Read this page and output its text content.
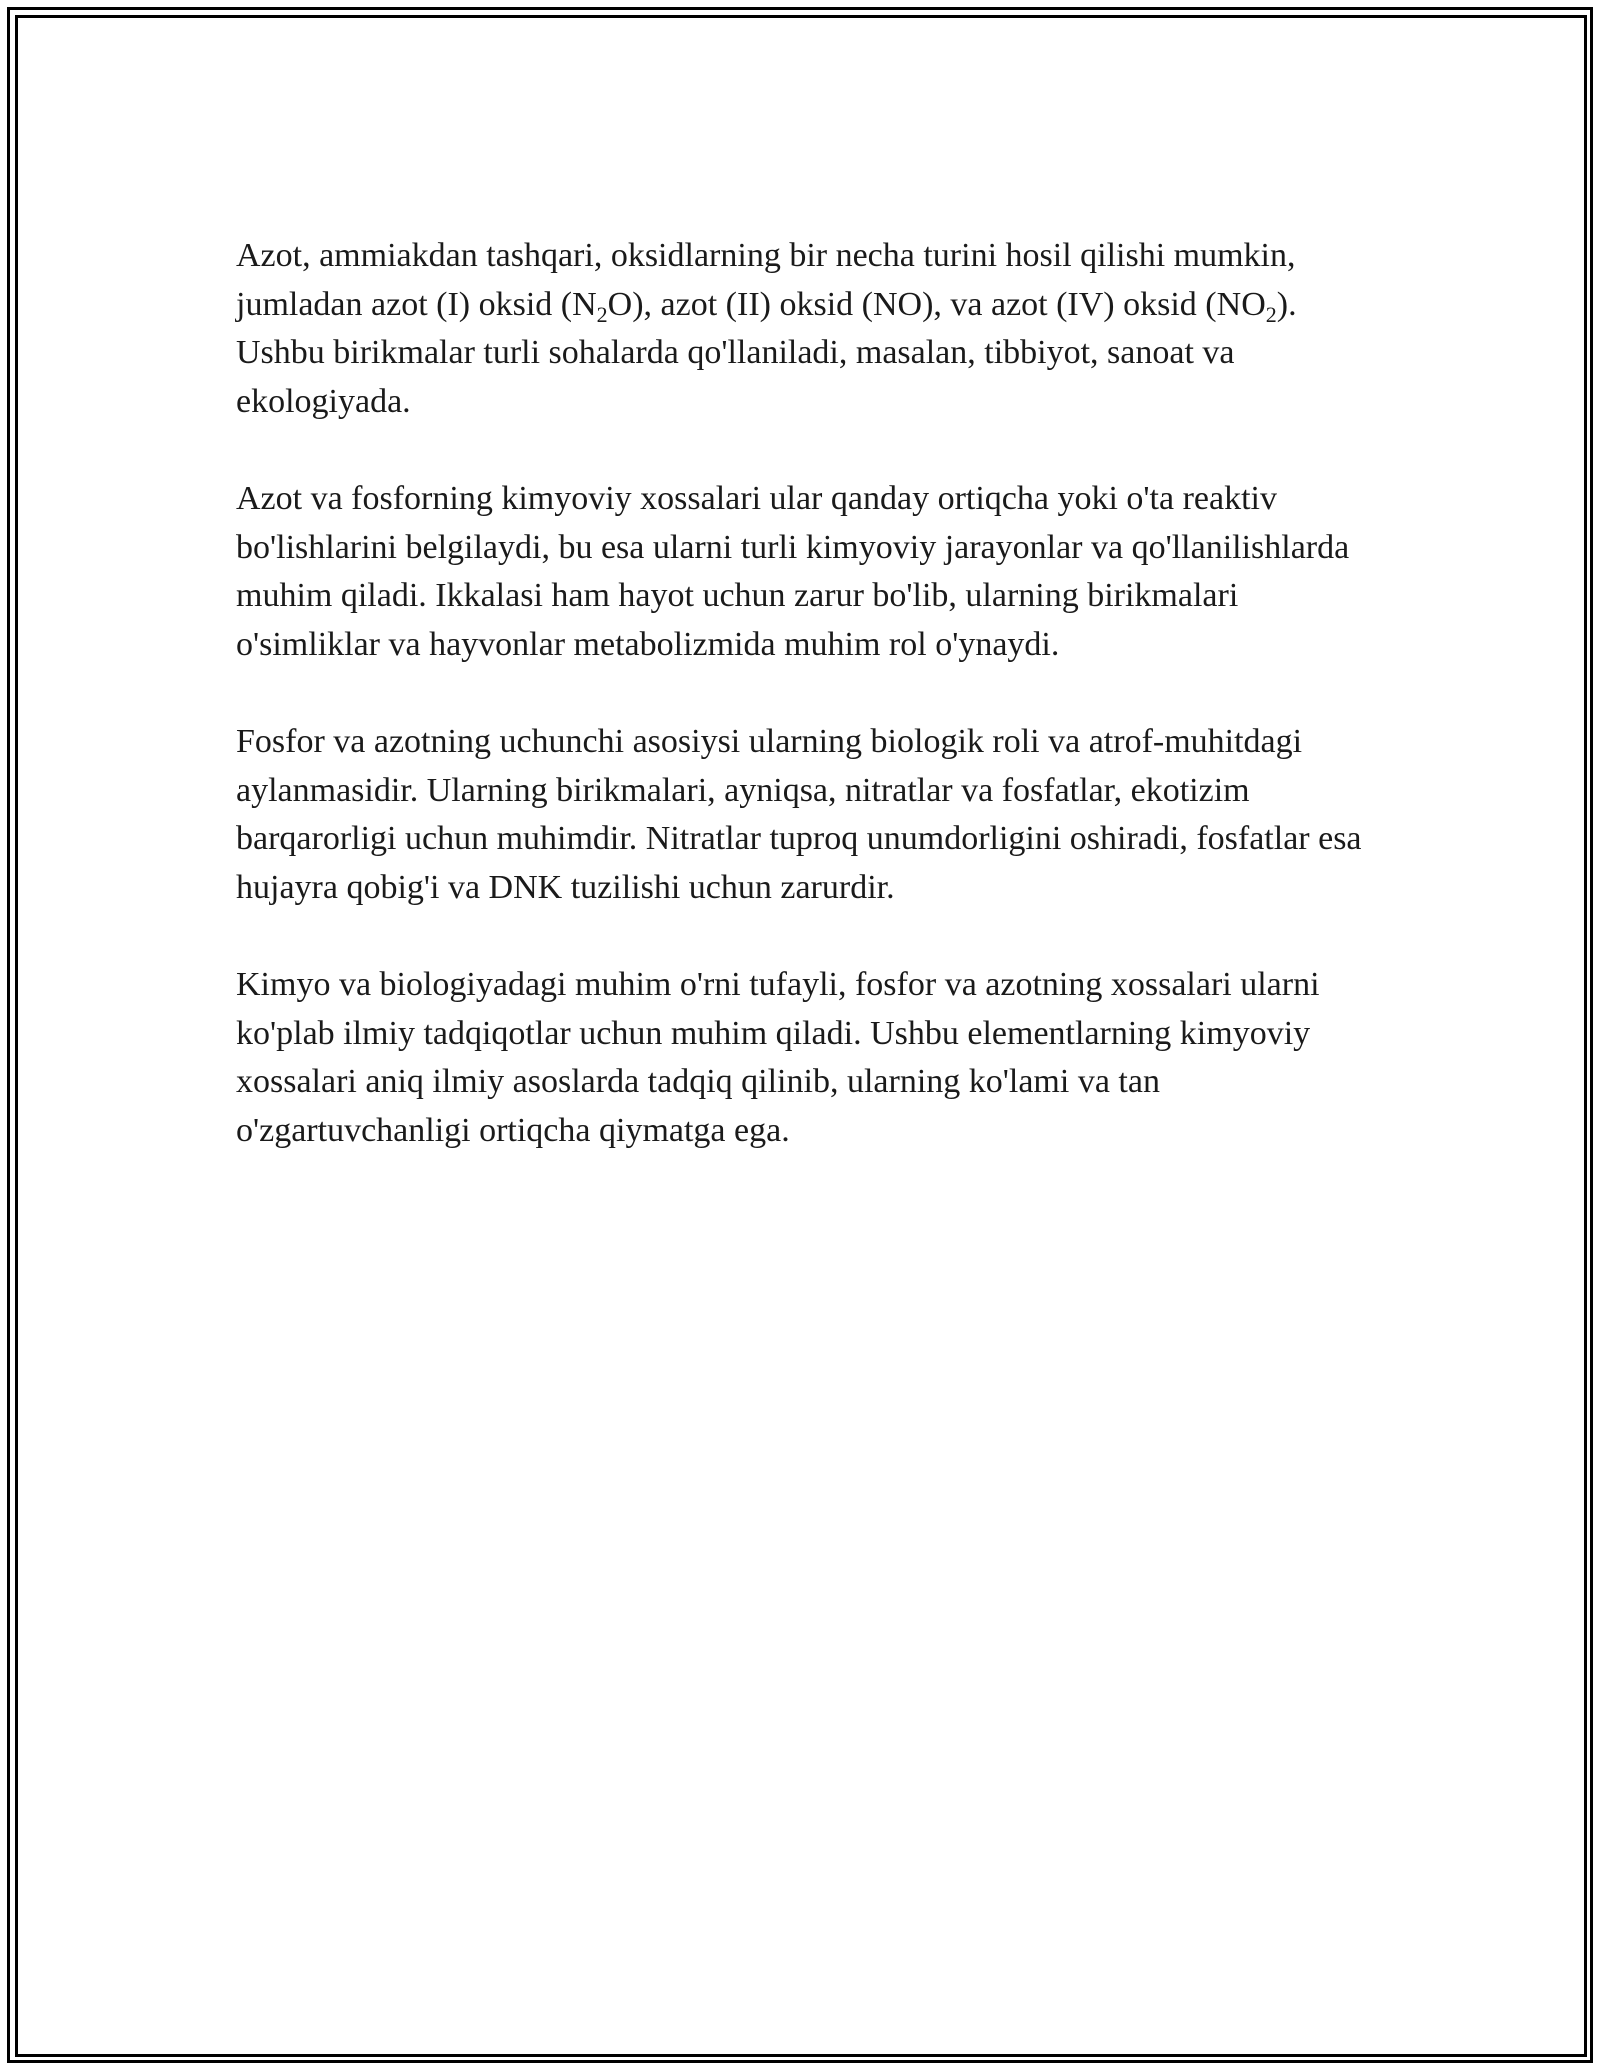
Azot, ammiakdan tashqari, oksidlarning bir necha turini hosil qilishi mumkin, jumladan azot (I) oksid $(N_2O)$, azot (II) oksid (NO), va azot (IV) oksid $(NO_2)$. Ushbu birikmalar turli sohalarda qo'llaniladi, masalan, tibbiyot, sanoat va ekologiyada.

Azot va fosforning kimyoviy xossalari ular qanday ortiqcha yoki o'ta reaktiv bo'lishlarini belgilaydi, bu esa ularni turli kimyoviy jarayonlar va qo'llanilishlarda muhim qiladi. Ikkalasi ham hayot uchun zarur bo'lib, ularning birikmalari o'simliklar va hayvonlar metabolizmida muhim rol o'ynaydi.

Fosfor va azotning uchunchi asosiysi ularning biologik roli va atrof-muhitdagi aylanmasidir. Ularning birikmalari, ayniqsa, nitratlar va fosfatlar, ekotizim barqarorligi uchun muhimdir. Nitratlar tuproq unumdorligini oshiradi, fosfatlar esa hujayra qobig'i va DNK tuzilishi uchun zarurdir.

Kimyo va biologiyadagi muhim o'rni tufayli, fosfor va azotning xossalari ularni ko'plab ilmiy tadqiqotlar uchun muhim qiladi. Ushbu elementlarning kimyoviy xossalari aniq ilmiy asoslarda tadqiq qilinib, ularning ko'lami va tan o'zgartuvchanligi ortiqcha qiymatga ega.
